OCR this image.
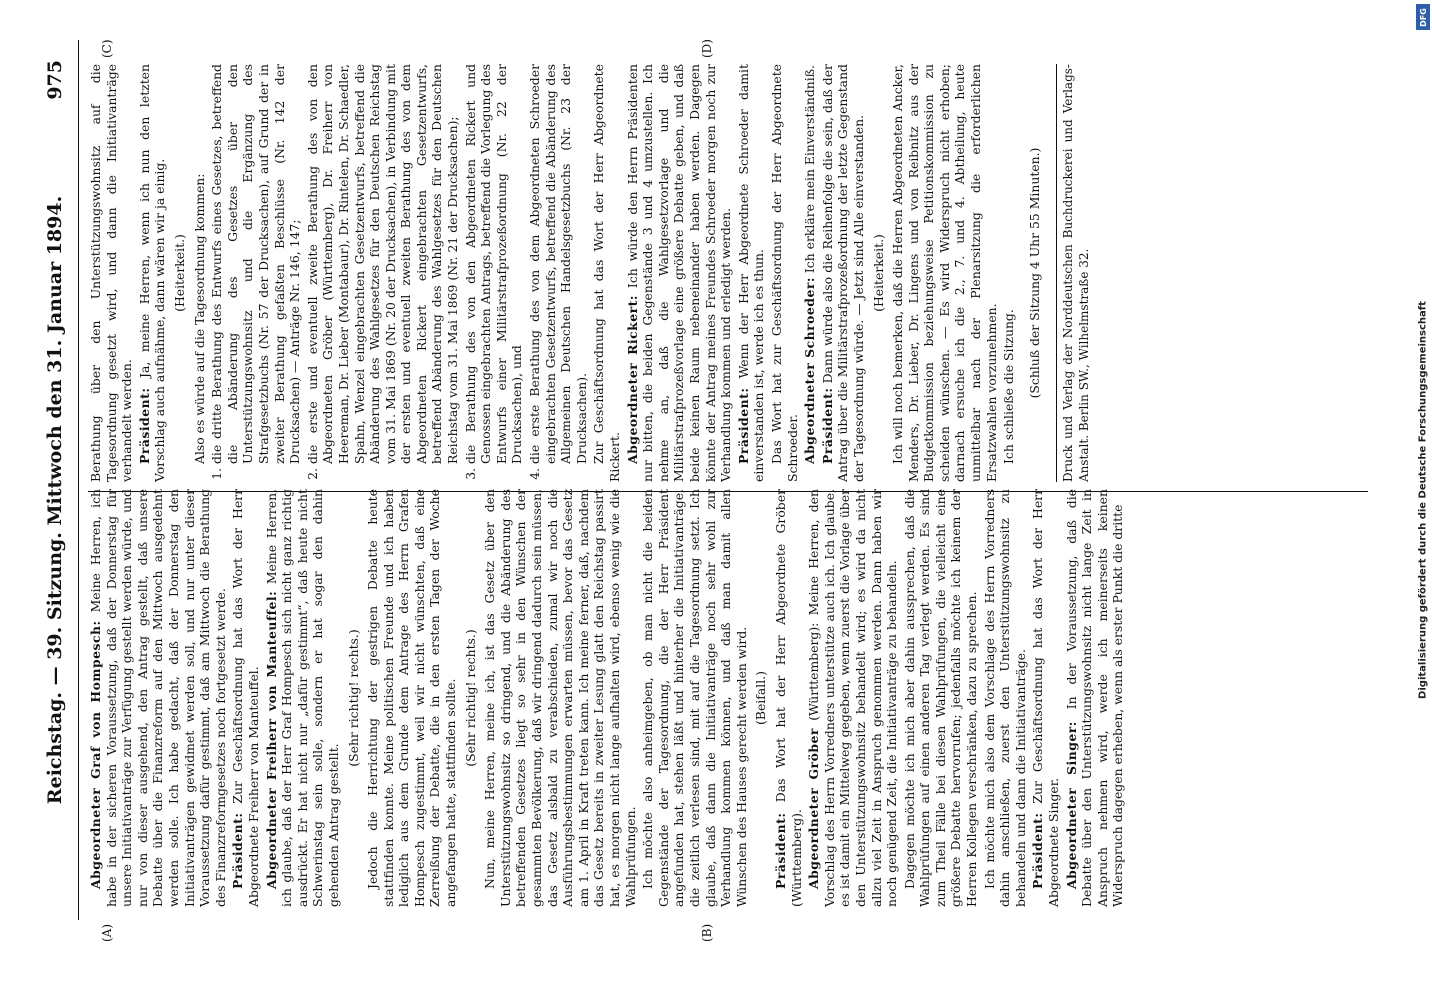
Reichstag. — 39. Sitzung. Mittwoch den 31. Januar 1894.
975
(A)	(B)
(C)	(D)

Abgeordneter Graf von Hompesch: Meine Herren, ich habe in der sicheren Voraussetzung, daß der Donnerstag für unsere Initiativanträge zur Verfügung gestellt werden würde, und nur von dieser ausgehend, den Antrag gestellt, daß unsere Debatte über die Finanzreform auf den Mittwoch ausgedehnt werden solle. Ich habe gedacht, daß der Donnerstag den Initiativanträgen gewidmet werden soll, und nur unter dieser Voraussetzung dafür gestimmt, daß am Mittwoch die Berathung des Finanzreformgesetzes noch fortgesetzt werde. Präsident: Zur Geschäftsordnung hat das Wort der Herr Abgeordnete Freiherr von Manteuffel. Abgeordneter Freiherr von Manteuffel: Meine Herren, ich glaube, daß der Herr Graf Hompesch sich nicht ganz richtig ausdrückt. Er hat nicht nur „dafür gestimmt“, daß heute nicht Schwerinstag sein solle, sondern er hat sogar den dahin gehenden Antrag gestellt.

(Sehr richtig! rechts.) Jedoch die Herrichtung der gestrigen Debatte heute stattfinden konnte. Meine politischen Freunde und ich haben lediglich aus dem Grunde dem Antrage des Herrn Grafen Hompesch zugestimmt, weil wir nicht wünschten, daß eine Zerreißung der Debatte, die in den ersten Tagen der Woche angefangen hatte, stattfinden sollte. (Sehr richtig! rechts.) Nun, meine Herren, meine ich, ist das Gesetz über den Unterstützungswohnsitz so dringend, und die Abänderung des betreffenden Gesetzes liegt so sehr in den Wünschen der gesammten Bevölkerung, daß wir dringend dadurch sein müssen, das Gesetz alsbald zu verabschieden, zumal wir noch die Ausführungsbestimmungen erwarten müssen, bevor das Gesetz am 1. April in Kraft treten kann. Ich meine ferner, daß, nachdem das Gesetz bereits in zweiter Lesung glatt den Reichstag passirt hat, es morgen nicht lange aufhalten wird, ebenso wenig wie die Wahlprüfungen. Ich möchte also anheimgeben, ob man nicht die beiden Gegenstände der Tagesordnung, die der Herr Präsident angefunden hat, stehen läßt und hinterher die Initiativanträge, die zeitlich verlesen sind, mit auf die Tagesordnung setzt. Ich glaube, daß dann die Initiativanträge noch sehr wohl zur Verhandlung kommen können, und daß man damit allen Wünschen des Hauses gerecht werden wird. (Beifall.)

Präsident: Das Wort hat der Herr Abgeordnete Gröber (Württemberg). Abgeordneter Gröber (Württemberg): Meine Herren, den Vorschlag des Herrn Vorredners unterstütze auch ich. Ich glaube, es ist damit ein Mittelweg gegeben, wenn zuerst die Vorlage über den Unterstützungswohnsitz behandelt wird; es wird da nicht allzu viel Zeit in Anspruch genommen werden. Dann haben wir noch genügend Zeit, die Initiativanträge zu behandeln. Dagegen möchte ich mich aber dahin aussprechen, daß die Wahlprüfungen auf einen anderen Tag verlegt werden. Es sind zum Theil Fälle bei diesen Wahlprüfungen, die vielleicht eine größere Debatte hervorrufen; jedenfalls möchte ich keinem der Herren Kollegen verschränken, dazu zu sprechen. Ich möchte mich also dem Vorschlage des Herrn Vorredners dahin anschließen, zuerst den Unterstützungswohnsitz zu behandeln und dann die Initiativanträge. Präsident: Zur Geschäftsordnung hat das Wort der Herr Abgeordnete Singer. Abgeordneter Singer: In der Voraussetzung, daß die Debatte über den Unterstützungswohnsitz nicht lange Zeit in Anspruch nehmen wird, werde ich meinerseits keinen Widerspruch dagegen erheben, wenn als erster Punkt die dritte

Berathung über den Unterstützungswohnsitz auf die Tagesordnung gesetzt wird, und dann die Initiativanträge verhandelt werden. Präsident: Ja, meine Herren, wenn ich nun den letzten Vorschlag auch aufnähme, dann wären wir ja einig. (Heiterkeit.) Also es würde auf die Tagesordnung kommen: 1. die dritte Berathung des Entwurfs eines Gesetzes, betreffend die Abänderung des Gesetzes über den Unterstützungswohnsitz und die Ergänzung des Strafgesetzbuchs (Nr. 57 der Drucksachen), auf Grund der in zweiter Berathung gefaßten Beschlüsse (Nr. 142 der Drucksachen) — Anträge Nr. 146, 147; 2. die erste und eventuell zweite Berathung des von den Abgeordneten Gröber (Württemberg), Dr. Freiherr von Heereman, Dr. Lieber (Montabaur), Dr. Rintelen, Dr. Schaedler, Spahn, Wenzel eingebrachten Gesetzentwurfs, betreffend die Abänderung des Wahlgesetzes für den Deutschen Reichstag vom 31. Mai 1869 (Nr. 20 der Drucksachen), in Verbindung mit der ersten und eventuell zweiten Berathung des von dem Abgeordneten Rickert eingebrachten Gesetzentwurfs, betreffend Abänderung des Wahlgesetzes für den Deutschen Reichstag vom 31. Mai 1869 (Nr. 21 der Drucksachen); 3. die Berathung des von den Abgeordneten Rickert und Genossen eingebrachten Antrags, betreffend die Vorlegung des Entwurfs einer Militärstrafprozeßordnung (Nr. 22 der Drucksachen), und 4. die erste Berathung des von dem Abgeordneten Schroeder eingebrachten Gesetzentwurfs, betreffend die Abänderung des Allgemeinen Deutschen Handelsgesetzbuchs (Nr. 23 der Drucksachen). Zur Geschäftsordnung hat das Wort der Herr Abgeordnete Rickert. Abgeordneter Rickert: Ich würde den Herrn Präsidenten nur bitten, die beiden Gegenstände 3 und 4 umzustellen. Ich nehme an, daß die Wahlgesetzvorlage und die Militärstrafprozeßvorlage eine größere Debatte geben, und daß beide keinen Raum nebeneinander haben werden. Dagegen könnte der Antrag meines Freundes Schroeder morgen noch zur Verhandlung kommen und erledigt werden. Präsident: Wenn der Herr Abgeordnete Schroeder damit einverstanden ist, werde ich es thun. Das Wort hat zur Geschäftsordnung der Herr Abgeordnete Schroeder. Abgeordneter Schroeder: Ich erkläre mein Einverständniß.

Präsident: Dann würde also die Reihenfolge die sein, daß der Antrag über die Militärstrafprozeßordnung der letzte Gegenstand der Tagesordnung würde. — Jetzt sind Alle einverstanden. (Heiterkeit.) Ich will noch bemerken, daß die Herren Abgeordneten Ancker, Menders, Dr. Lieber, Dr. Lingens und von Reibnitz aus der Budgetkommission beziehungsweise Petitionskommission zu scheiden wünschen. — Es wird Widerspruch nicht erhoben; darnach ersuche ich die 2., 7. und 4. Abtheilung, heute unmittelbar nach der Plenarsitzung die erforderlichen Ersatzwahlen vorzunehmen. Ich schließe die Sitzung. (Schluß der Sitzung 4 Uhr 55 Minuten.)	Druck und Verlag der Norddeutschen Buchdruckerei und Verlags-Anstalt. Berlin SW., Wilhelmstraße 32.
DFG
Digitalisierung gefördert durch die Deutsche Forschungsgemeinschaft
